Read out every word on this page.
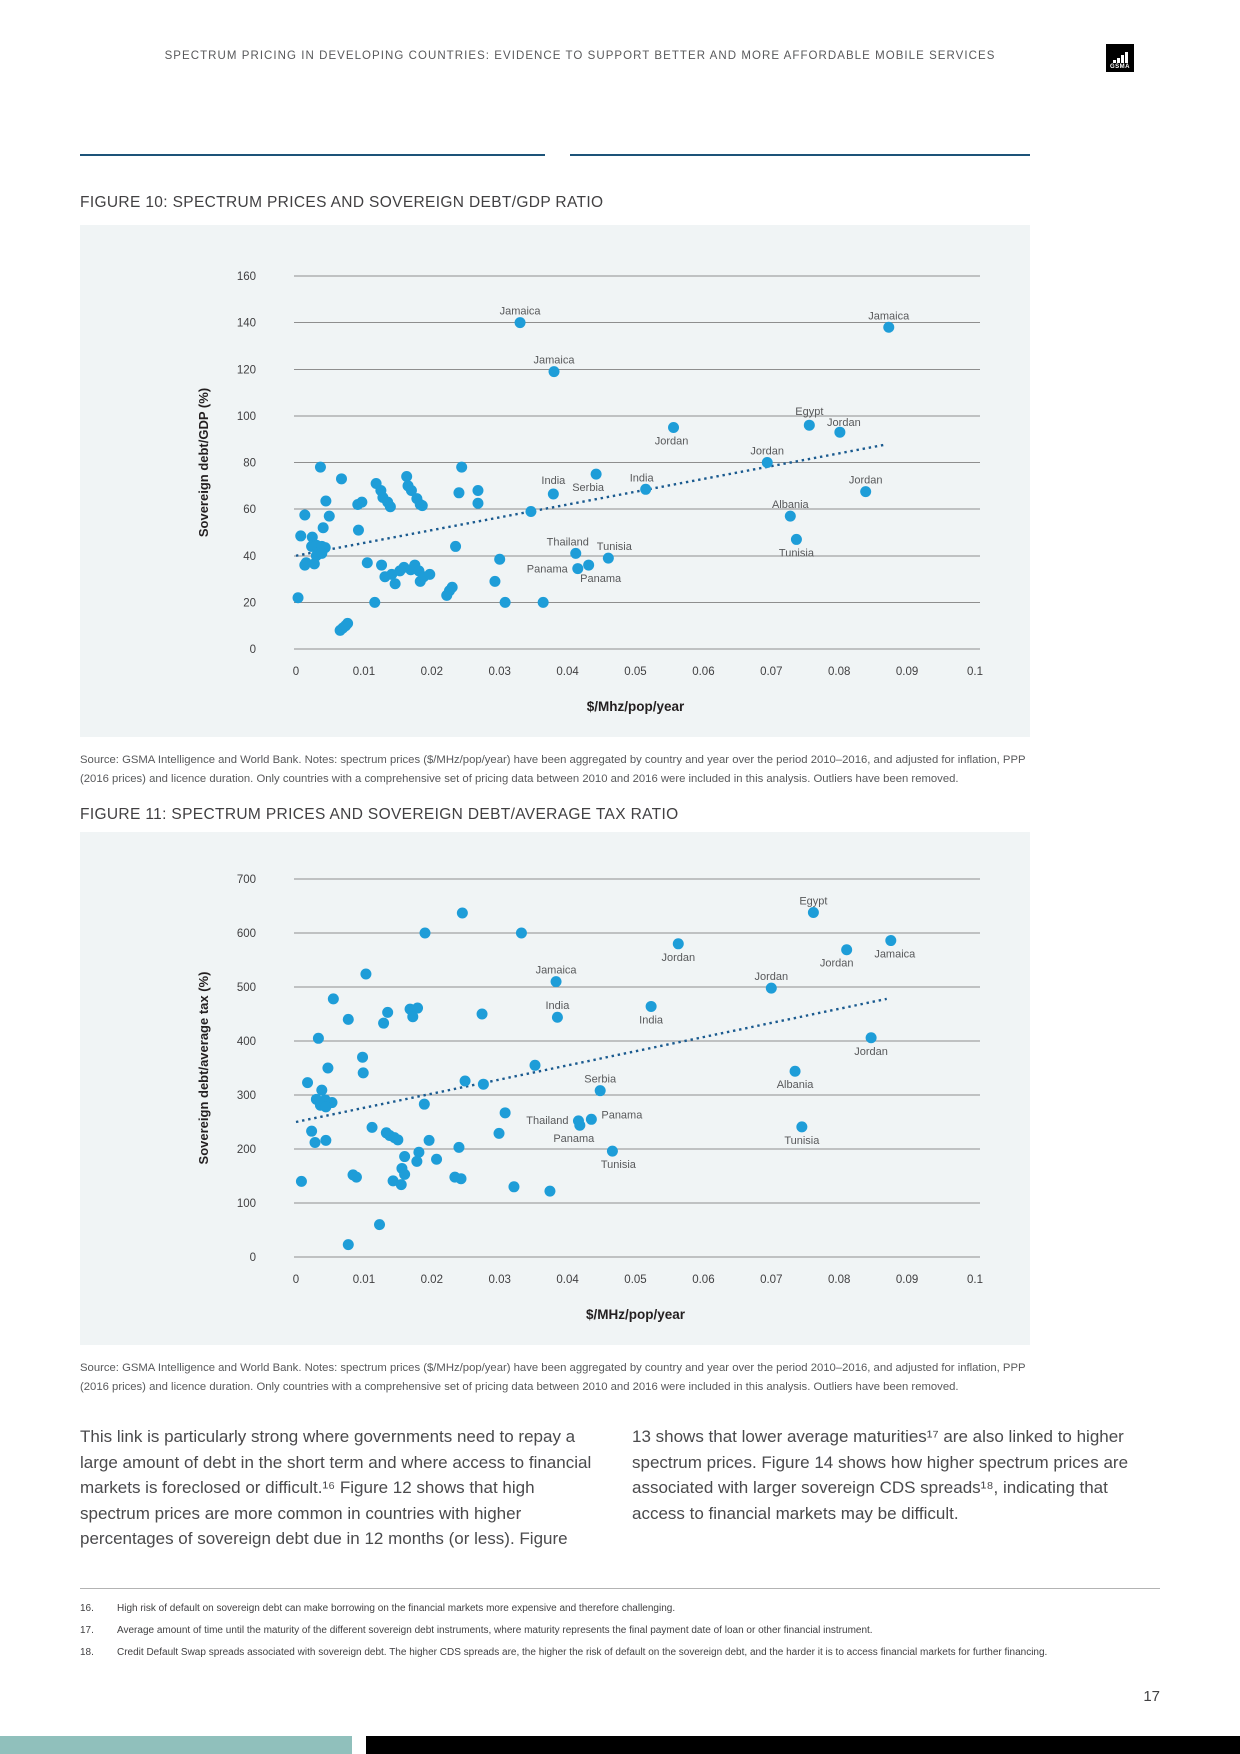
SPECTRUM PRICING IN DEVELOPING COUNTRIES: EVIDENCE TO SUPPORT BETTER AND MORE AFFORDABLE MOBILE SERVICES
GSMA
FIGURE 10: SPECTRUM PRICES AND SOVEREIGN DEBT/GDP RATIO
0
20
40
60
80
100
120
140
160
0	0.01	0.02	0.03	0.04	0.05	0.06	0.07	0.08	0.09	0.1
$/Mhz/pop/year
Sovereign debt/GDP (%)
Jamaica
Jamaica
Jamaica
Jordan
Egypt
Jordan
Jordan
India
Serbia
India	Jordan
Albania
Tunisia
Thailand Tunisia
Panama
Panama
Source: GSMA Intelligence and World Bank. Notes: spectrum prices ($/MHz/pop/year) have been aggregated by country and year over the period 2010–2016, and adjusted for inflation, PPP (2016 prices) and licence duration. Only countries with a comprehensive set of pricing data between 2010 and 2016 were included in this analysis. Outliers have been removed.
FIGURE 11: SPECTRUM PRICES AND SOVEREIGN DEBT/AVERAGE TAX RATIO
0
100
200
300
400
500
600
700
0	0.01	0.02	0.03	0.04	0.05	0.06	0.07	0.08	0.09	0.1
$/MHz/pop/year
Sovereign debt/average tax (%)
Egypt
Jordan	Jordan
Jamaica
Jordan
Jamaica
India
India
Serbia	Albania
Jordan
Thailand
Panama
Panama
Tunisia
Tunisia
Source: GSMA Intelligence and World Bank. Notes: spectrum prices ($/MHz/pop/year) have been aggregated by country and year over the period 2010–2016, and adjusted for inflation, PPP (2016 prices) and licence duration. Only countries with a comprehensive set of pricing data between 2010 and 2016 were included in this analysis. Outliers have been removed.
This link is particularly strong where governments need to repay a large amount of debt in the short term and where access to financial markets is foreclosed or difficult.¹⁶ Figure 12 shows that high spectrum prices are more common in countries with higher percentages of sovereign debt due in 12 months (or less). Figure
13 shows that lower average maturities¹⁷ are also linked to higher spectrum prices. Figure 14 shows how higher spectrum prices are associated with larger sovereign CDS spreads¹⁸, indicating that access to financial markets may be difficult.
16.	High risk of default on sovereign debt can make borrowing on the financial markets more expensive and therefore challenging.
17.	Average amount of time until the maturity of the different sovereign debt instruments, where maturity represents the final payment date of loan or other financial instrument.
18.	Credit Default Swap spreads associated with sovereign debt. The higher CDS spreads are, the higher the risk of default on the sovereign debt, and the harder it is to access financial markets for further financing.
17
